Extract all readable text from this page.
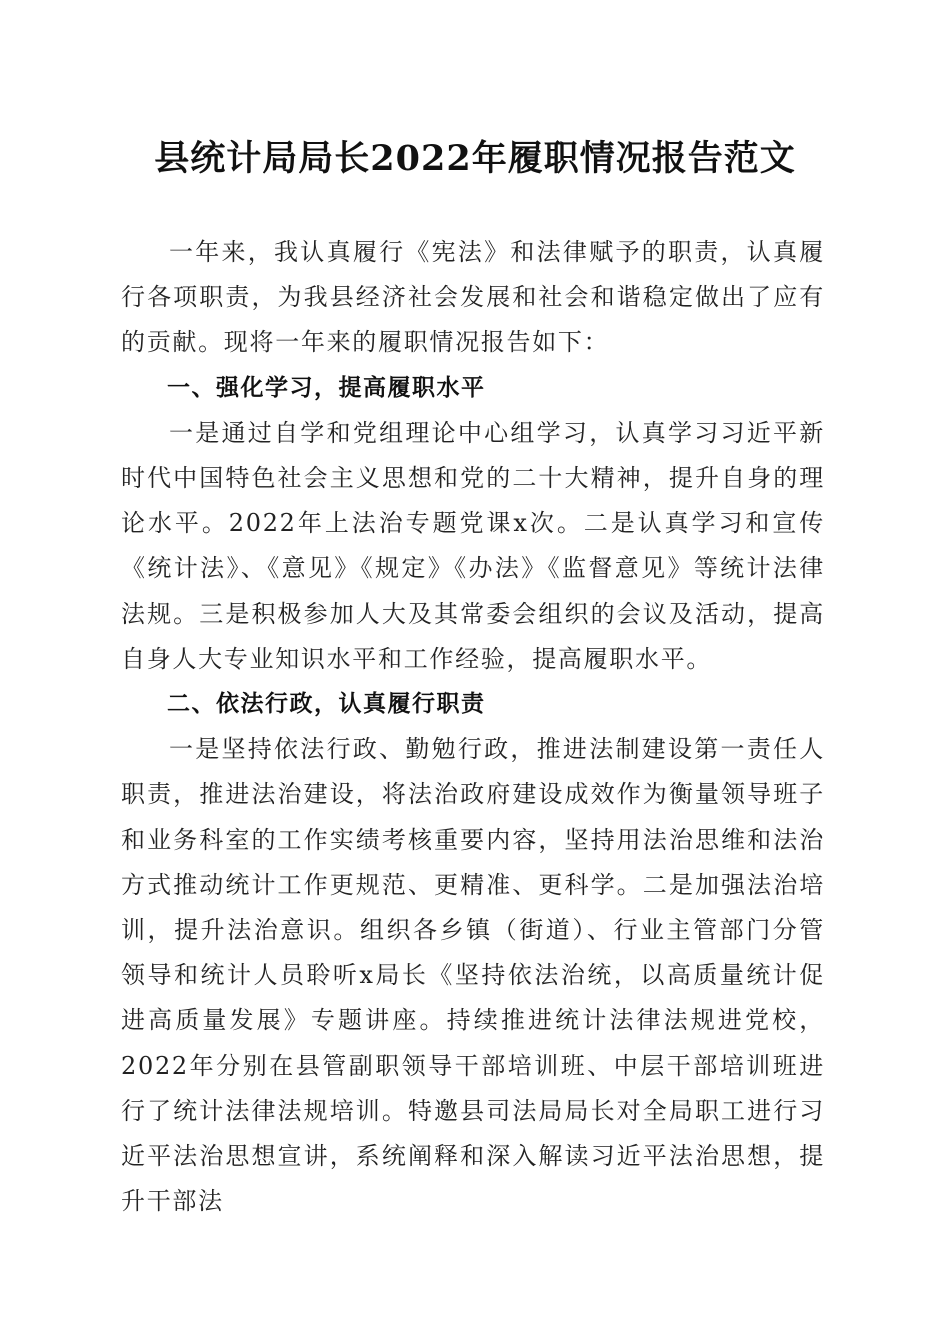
县统计局局长2022年履职情况报告范文

一年来，我认真履行《宪法》和法律赋予的职责，认真履行各项职责，为我县经济社会发展和社会和谐稳定做出了应有的贡献。现将一年来的履职情况报告如下：

一、强化学习，提高履职水平

一是通过自学和党组理论中心组学习，认真学习习近平新时代中国特色社会主义思想和党的二十大精神，提升自身的理论水平。2022年上法治专题党课x次。二是认真学习和宣传《统计法》、《意见》《规定》《办法》《监督意见》等统计法律法规。三是积极参加人大及其常委会组织的会议及活动，提高自身人大专业知识水平和工作经验，提高履职水平。

二、依法行政，认真履行职责

一是坚持依法行政、勤勉行政，推进法制建设第一责任人职责，推进法治建设，将法治政府建设成效作为衡量领导班子和业务科室的工作实绩考核重要内容，坚持用法治思维和法治方式推动统计工作更规范、更精准、更科学。二是加强法治培训，提升法治意识。组织各乡镇（街道）、行业主管部门分管领导和统计人员聆听x局长《坚持依法治统，以高质量统计促进高质量发展》专题讲座。持续推进统计法律法规进党校，2022年分别在县管副职领导干部培训班、中层干部培训班进行了统计法律法规培训。特邀县司法局局长对全局职工进行习近平法治思想宣讲，系统阐释和深入解读习近平法治思想，提升干部法
